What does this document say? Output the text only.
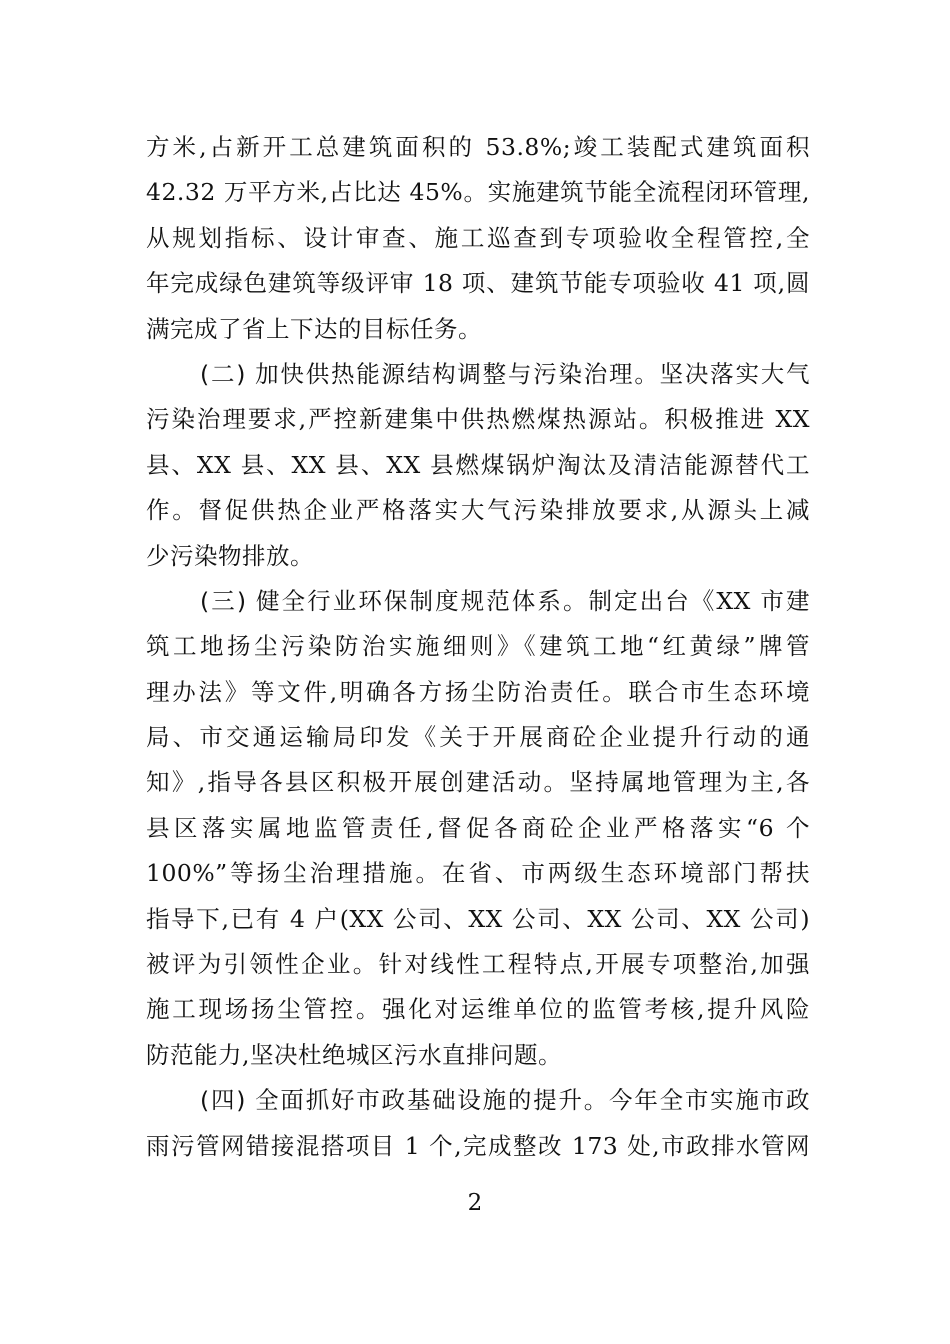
方米,占新开工总建筑面积的 53.8%;竣工装配式建筑面积
42.32 万平方米,占比达 45%。实施建筑节能全流程闭环管理,
从规划指标、设计审查、施工巡查到专项验收全程管控,全
年完成绿色建筑等级评审 18 项、建筑节能专项验收 41 项,圆
满完成了省上下达的目标任务。
(二) 加快供热能源结构调整与污染治理。坚决落实大气
污染治理要求,严控新建集中供热燃煤热源站。积极推进 XX
县、XX 县、XX 县、XX 县燃煤锅炉淘汰及清洁能源替代工
作。督促供热企业严格落实大气污染排放要求,从源头上减
少污染物排放。
(三) 健全行业环保制度规范体系。制定出台《XX 市建
筑工地扬尘污染防治实施细则》《建筑工地“红黄绿”牌管
理办法》等文件,明确各方扬尘防治责任。联合市生态环境
局、市交通运输局印发《关于开展商砼企业提升行动的通
知》,指导各县区积极开展创建活动。坚持属地管理为主,各
县区落实属地监管责任,督促各商砼企业严格落实“6 个
100%”等扬尘治理措施。在省、市两级生态环境部门帮扶
指导下,已有 4 户(XX 公司、XX 公司、XX 公司、XX 公司)
被评为引领性企业。针对线性工程特点,开展专项整治,加强
施工现场扬尘管控。强化对运维单位的监管考核,提升风险
防范能力,坚决杜绝城区污水直排问题。
(四) 全面抓好市政基础设施的提升。今年全市实施市政
雨污管网错接混搭项目 1 个,完成整改 173 处,市政排水管网
2
